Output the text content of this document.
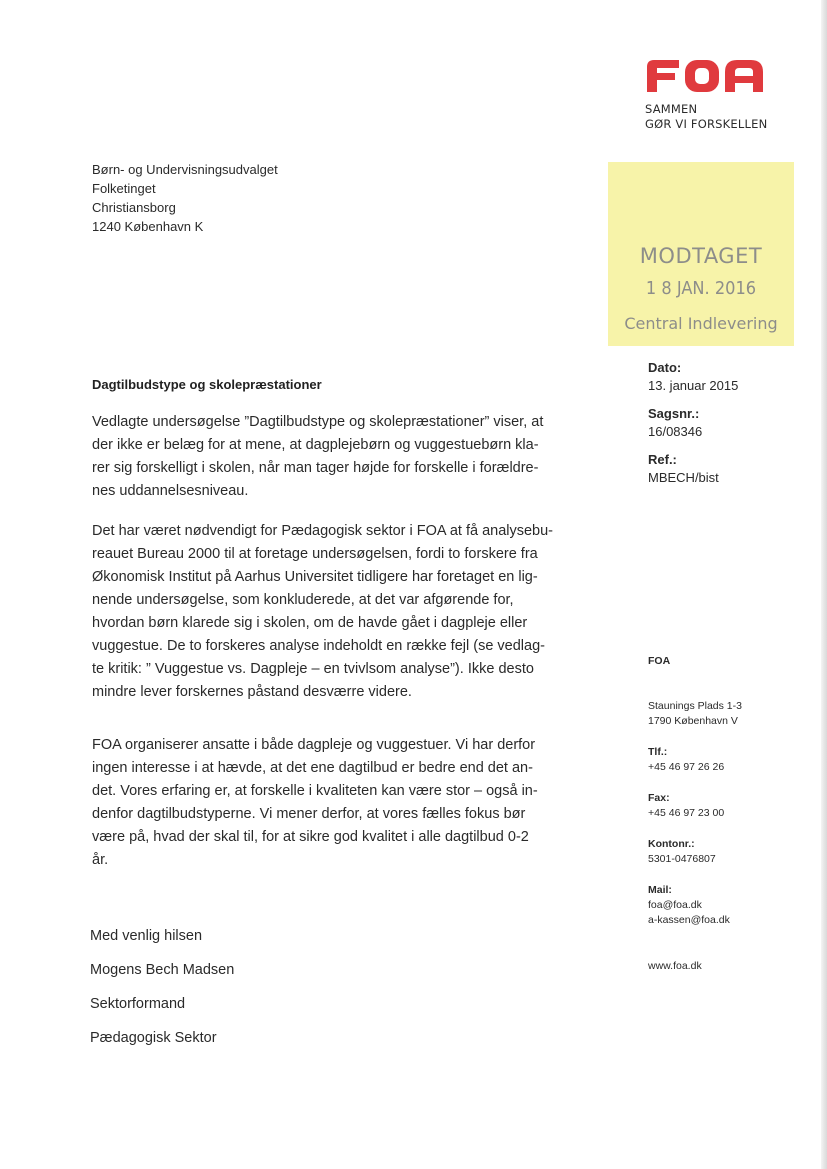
SAMMEN
GØR VI FORSKELLEN
Børn- og Undervisningsudvalget
Folketinget
Christiansborg
1240 København K
MODTAGET
1 8 JAN. 2016
Central Indlevering
Dato:
13. januar 2015
Sagsnr.:
16/08346
Ref.:
MBECH/bist
Dagtilbudstype og skolepræstationer
Vedlagte undersøgelse ”Dagtilbudstype og skolepræstationer” viser, at
der ikke er belæg for at mene, at dagplejebørn og vuggestuebørn kla-
rer sig forskelligt i skolen, når man tager højde for forskelle i forældre-
nes uddannelsesniveau.
Det har været nødvendigt for Pædagogisk sektor i FOA at få analysebu-
reauet Bureau 2000 til at foretage undersøgelsen, fordi to forskere fra
Økonomisk Institut på Aarhus Universitet tidligere har foretaget en lig-
nende undersøgelse, som konkluderede, at det var afgørende for,
hvordan børn klarede sig i skolen, om de havde gået i dagpleje eller
vuggestue. De to forskeres analyse indeholdt en række fejl (se vedlag-
te kritik: ” Vuggestue vs. Dagpleje – en tvivlsom analyse”). Ikke desto
mindre lever forskernes påstand desværre videre.
FOA organiserer ansatte i både dagpleje og vuggestuer. Vi har derfor
ingen interesse i at hævde, at det ene dagtilbud er bedre end det an-
det. Vores erfaring er, at forskelle i kvaliteten kan være stor – også in-
denfor dagtilbudstyperne. Vi mener derfor, at vores fælles fokus bør
være på, hvad der skal til, for at sikre god kvalitet i alle dagtilbud 0-2
år.
Med venlig hilsen
Mogens Bech Madsen
Sektorformand
Pædagogisk Sektor
FOA
Staunings Plads 1-3
1790 København V
Tlf.:
+45 46 97 26 26
Fax:
+45 46 97 23 00
Kontonr.:
5301-0476807
Mail:
foa@foa.dk
a-kassen@foa.dk
www.foa.dk
